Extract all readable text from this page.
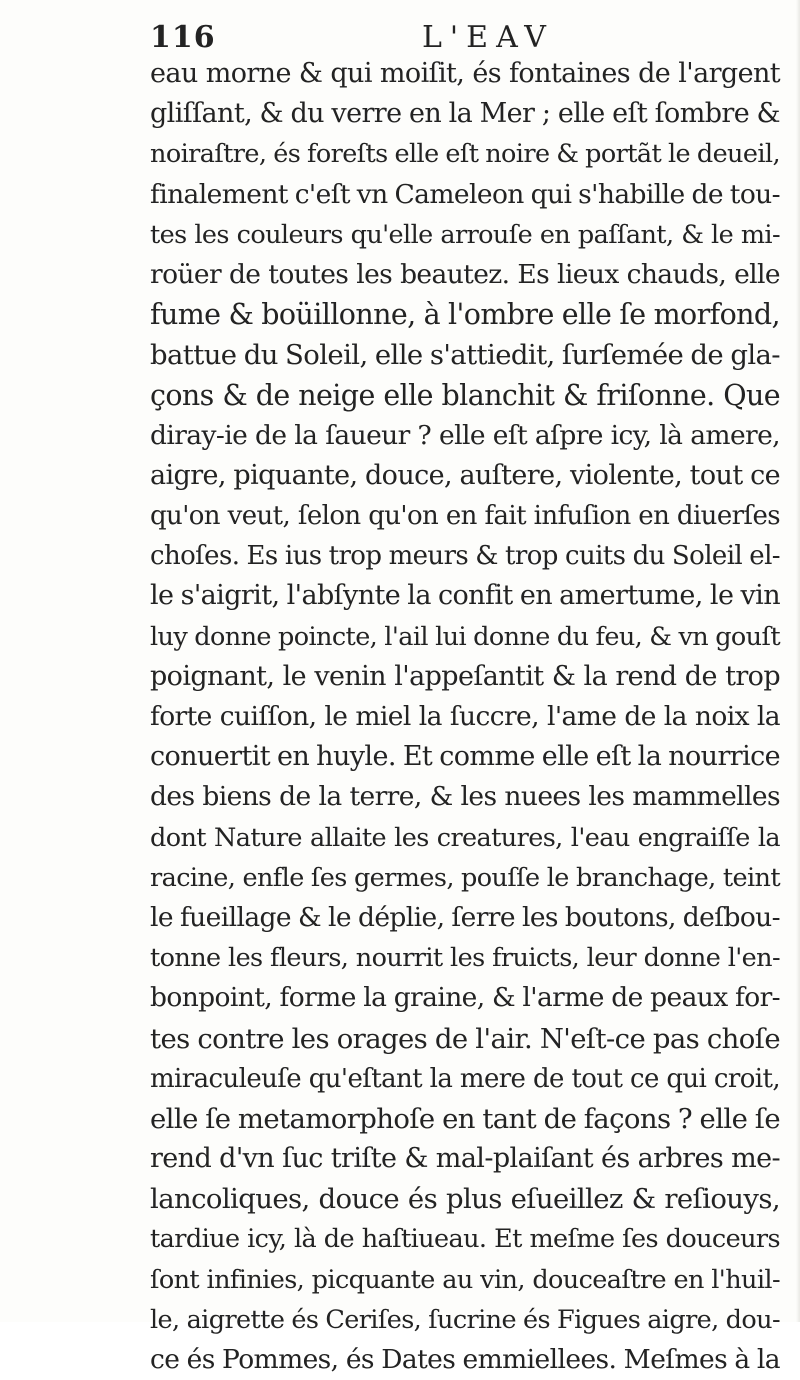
116	L'EAV
eau morne & qui moiſit, és fontaines de l'argent
gliſſant, & du verre en la Mer ; elle eſt ſombre &
noiraſtre, és foreſts elle eſt noire & portãt le deueil,
finalement c'eſt vn Cameleon qui s'habille de tou-
tes les couleurs qu'elle arrouſe en paſſant, & le mi-
roüer de toutes les beautez. Es lieux chauds, elle
fume & boüillonne, à l'ombre elle ſe morfond,
battue du Soleil, elle s'attiedit, ſurſemée de gla-
çons & de neige elle blanchit & friſonne. Que
diray-ie de la ſaueur ? elle eſt aſpre icy, là amere,
aigre, piquante, douce, auſtere, violente, tout ce
qu'on veut, ſelon qu'on en fait infuſion en diuerſes
choſes. Es ius trop meurs & trop cuits du Soleil el-
le s'aigrit, l'abſynte la confit en amertume, le vin
luy donne poincte, l'ail lui donne du feu, & vn gouſt
poignant, le venin l'appeſantit & la rend de trop
forte cuiſſon, le miel la ſuccre, l'ame de la noix la
conuertit en huyle. Et comme elle eſt la nourrice
des biens de la terre, & les nuees les mammelles
dont Nature allaite les creatures, l'eau engraiſſe la
racine, enfle ſes germes, pouſſe le branchage, teint
le fueillage & le déplie, ſerre les boutons, deſbou-
tonne les fleurs, nourrit les fruicts, leur donne l'en-
bonpoint, forme la graine, & l'arme de peaux for-
tes contre les orages de l'air. N'eſt-ce pas choſe
miraculeuſe qu'eſtant la mere de tout ce qui croit,
elle ſe metamorphoſe en tant de façons ? elle ſe
rend d'vn ſuc triſte & mal-plaiſant és arbres me-
lancoliques, douce és plus eſueillez & reſiouys,
tardiue icy, là de haſtiueau. Et meſme ſes douceurs
ſont infinies, picquante au vin, douceaſtre en l'huil-
le, aigrette és Ceriſes, ſucrine és Figues aigre, dou-
ce és Pommes, és Dates emmiellees. Meſmes à la
